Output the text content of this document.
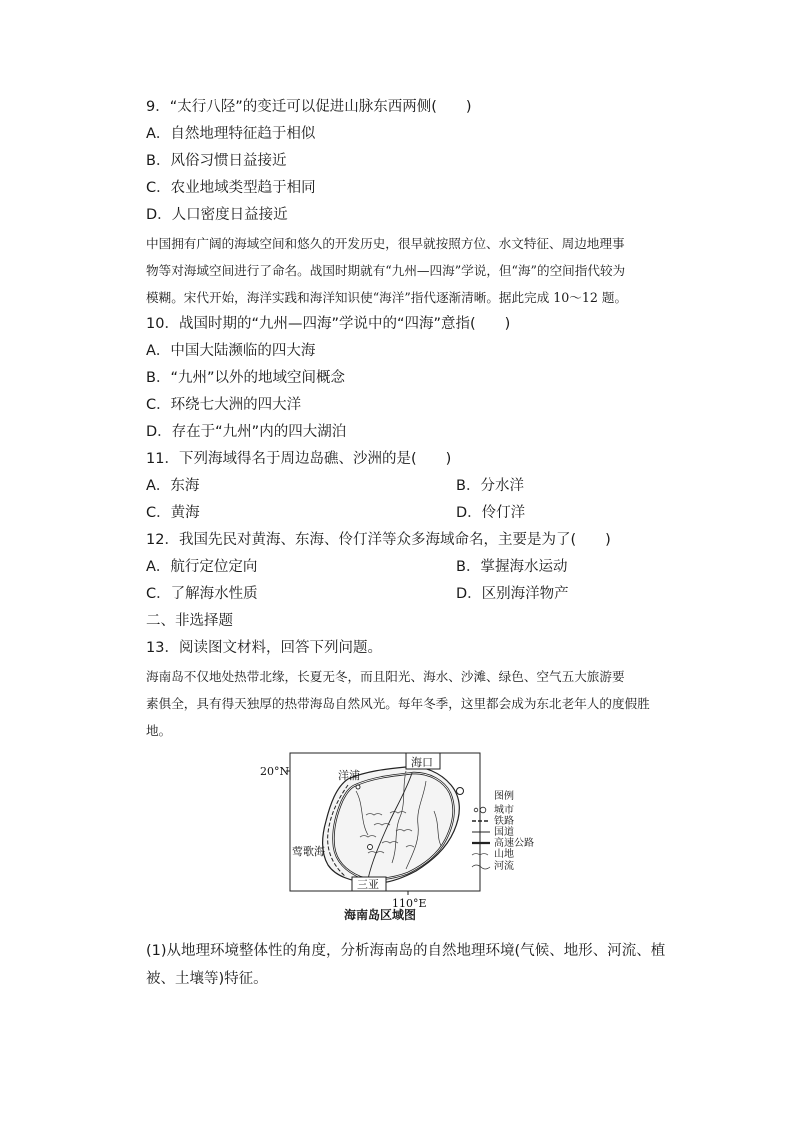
9．“太行八陉”的变迁可以促进山脉东西两侧(　　)
A．自然地理特征趋于相似
B．风俗习惯日益接近
C．农业地域类型趋于相同
D．人口密度日益接近
中国拥有广阔的海域空间和悠久的开发历史，很早就按照方位、水文特征、周边地理事
物等对海域空间进行了命名。战国时期就有“九州—四海”学说，但“海”的空间指代较为
模糊。宋代开始，海洋实践和海洋知识使“海洋”指代逐渐清晰。据此完成 10～12 题。
10．战国时期的“九州—四海”学说中的“四海”意指(　　)
A．中国大陆濒临的四大海
B．“九州”以外的地域空间概念
C．环绕七大洲的四大洋
D．存在于“九州”内的四大湖泊
11．下列海域得名于周边岛礁、沙洲的是(　　)
A．东海	B．分水洋
C．黄海	D．伶仃洋
12．我国先民对黄海、东海、伶仃洋等众多海域命名，主要是为了(　　)
A．航行定位定向	B．掌握海水运动
C．了解海水性质	D．区别海洋物产
二、非选择题
13．阅读图文材料，回答下列问题。
海南岛不仅地处热带北缘，长夏无冬，而且阳光、海水、沙滩、绿色、空气五大旅游要
素俱全，具有得天独厚的热带海岛自然风光。每年冬季，这里都会成为东北老年人的度假胜
地。
海口
洋浦
莺歌海
三亚
20°N
110°E
图例
城市
铁路
国道
高速公路
山地
河流
海南岛区域图
(1)从地理环境整体性的角度，分析海南岛的自然地理环境(气候、地形、河流、植被、土壤等)特征。
